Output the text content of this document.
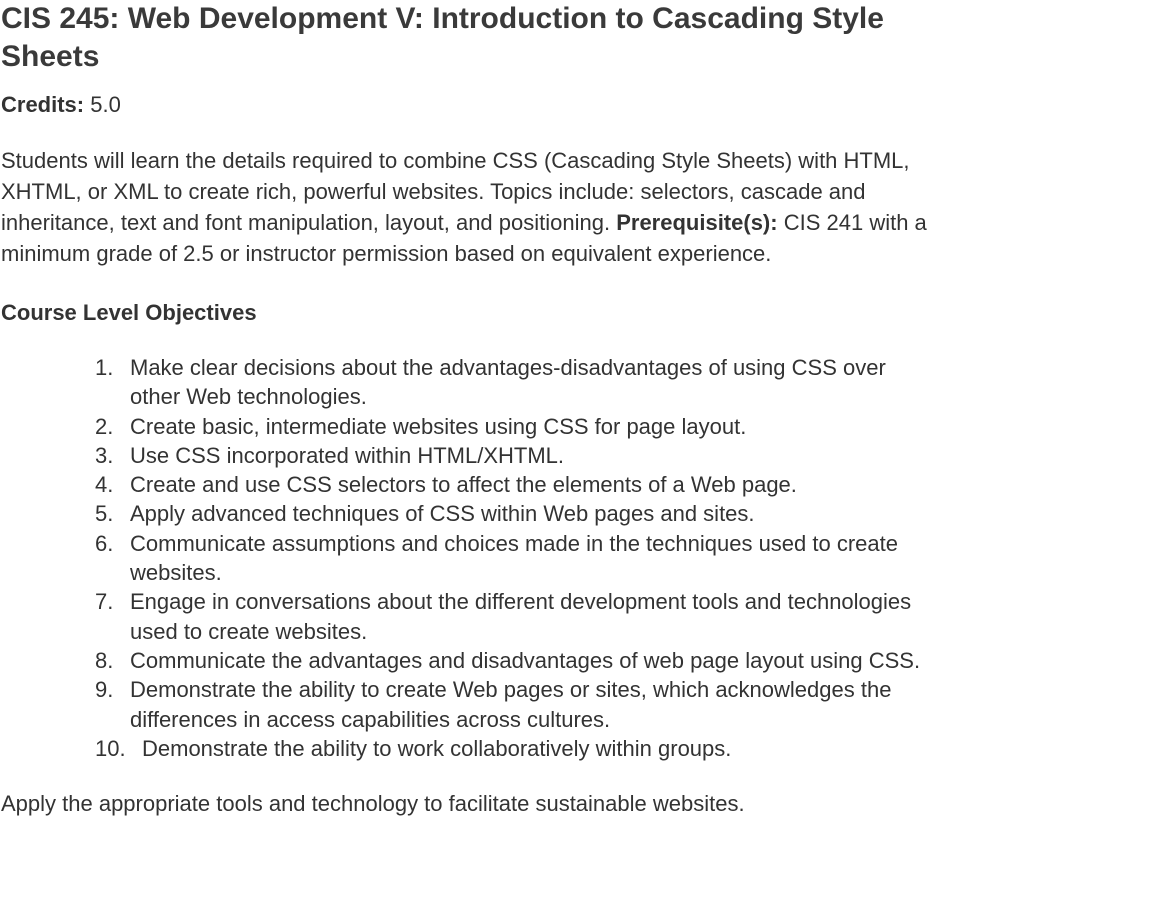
CIS 245: Web Development V: Introduction to Cascading Style Sheets

Credits: 5.0

Students will learn the details required to combine CSS (Cascading Style Sheets) with HTML, XHTML, or XML to create rich, powerful websites. Topics include: selectors, cascade and inheritance, text and font manipulation, layout, and positioning. Prerequisite(s): CIS 241 with a minimum grade of 2.5 or instructor permission based on equivalent experience.

Course Level Objectives
1. Make clear decisions about the advantages-disadvantages of using CSS over other Web technologies.
2. Create basic, intermediate websites using CSS for page layout.
3. Use CSS incorporated within HTML/XHTML.
4. Create and use CSS selectors to affect the elements of a Web page.
5. Apply advanced techniques of CSS within Web pages and sites.
6. Communicate assumptions and choices made in the techniques used to create websites.
7. Engage in conversations about the different development tools and technologies used to create websites.
8. Communicate the advantages and disadvantages of web page layout using CSS.
9. Demonstrate the ability to create Web pages or sites, which acknowledges the differences in access capabilities across cultures.
10. Demonstrate the ability to work collaboratively within groups.

Apply the appropriate tools and technology to facilitate sustainable websites.
